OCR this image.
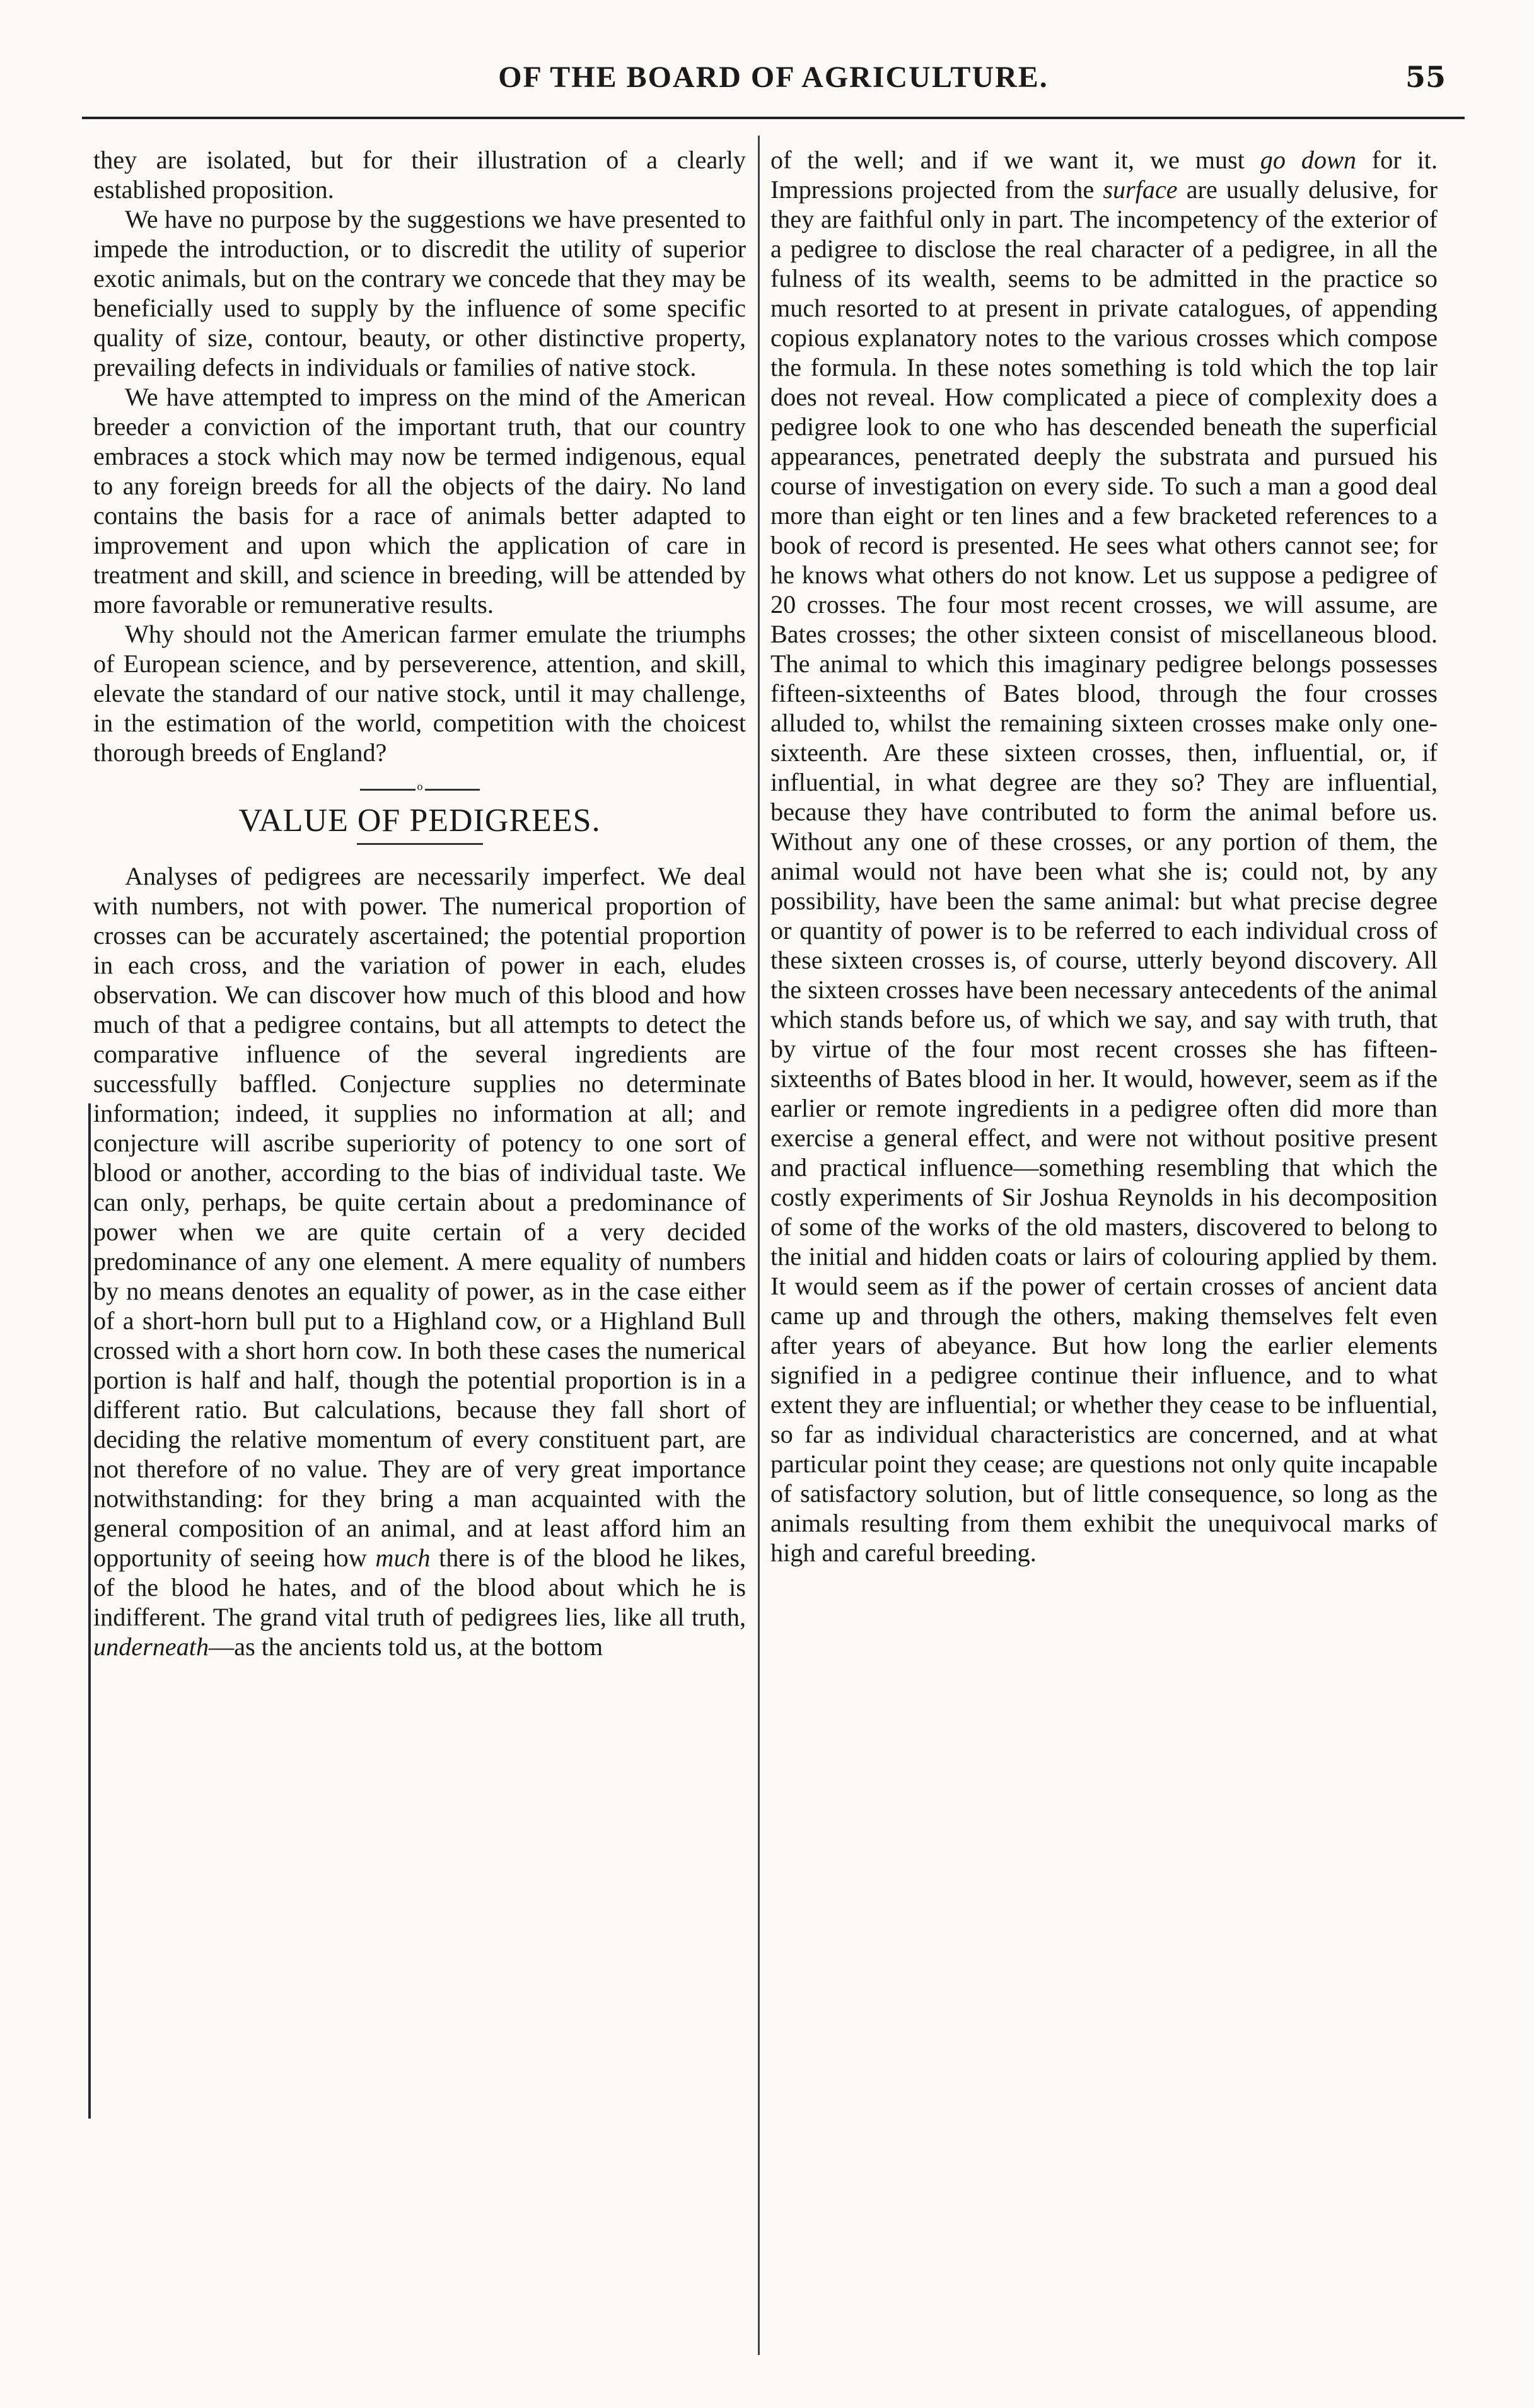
OF THE BOARD OF AGRICULTURE.	55

they are isolated, but for their illustration of a clearly established proposition.

We have no purpose by the suggestions we have presented to impede the introduction, or to discredit the utility of superior exotic animals, but on the contrary we concede that they may be beneficially used to supply by the influence of some specific quality of size, contour, beauty, or other distinctive property, prevailing defects in individuals or families of native stock.

We have attempted to impress on the mind of the American breeder a conviction of the important truth, that our country embraces a stock which may now be termed indigenous, equal to any foreign breeds for all the objects of the dairy. No land contains the basis for a race of animals better adapted to improvement and upon which the application of care in treatment and skill, and science in breeding, will be attended by more favorable or remunerative results.

Why should not the American farmer emulate the triumphs of European science, and by perseverence, attention, and skill, elevate the standard of our native stock, until it may challenge, in the estimation of the world, competition with the choicest thorough breeds of England?

o
VALUE OF PEDIGREES.

Analyses of pedigrees are necessarily imperfect. We deal with numbers, not with power. The numerical proportion of crosses can be accurately ascertained; the potential proportion in each cross, and the variation of power in each, eludes observation. We can discover how much of this blood and how much of that a pedigree contains, but all attempts to detect the comparative influence of the several ingredients are successfully baffled. Conjecture supplies no determinate information; indeed, it supplies no information at all; and conjecture will ascribe superiority of potency to one sort of blood or another, according to the bias of individual taste. We can only, perhaps, be quite certain about a predominance of power when we are quite certain of a very decided predominance of any one element. A mere equality of numbers by no means denotes an equality of power, as in the case either of a short-horn bull put to a Highland cow, or a Highland Bull crossed with a short horn cow. In both these cases the numerical portion is half and half, though the potential proportion is in a different ratio. But calculations, because they fall short of deciding the relative momentum of every constituent part, are not therefore of no value. They are of very great importance notwithstanding: for they bring a man acquainted with the general composition of an animal, and at least afford him an opportunity of seeing how much there is of the blood he likes, of the blood he hates, and of the blood about which he is indifferent. The grand vital truth of pedigrees lies, like all truth, underneath—as the ancients told us, at the bottom

of the well; and if we want it, we must go down for it. Impressions projected from the surface are usually delusive, for they are faithful only in part. The incompetency of the exterior of a pedigree to disclose the real character of a pedigree, in all the fulness of its wealth, seems to be admitted in the practice so much resorted to at present in private catalogues, of appending copious explanatory notes to the various crosses which compose the formula. In these notes something is told which the top lair does not reveal. How complicated a piece of complexity does a pedigree look to one who has descended beneath the superficial appearances, penetrated deeply the substrata and pursued his course of investigation on every side. To such a man a good deal more than eight or ten lines and a few bracketed references to a book of record is presented. He sees what others cannot see; for he knows what others do not know. Let us suppose a pedigree of 20 crosses. The four most recent crosses, we will assume, are Bates crosses; the other sixteen consist of miscellaneous blood. The animal to which this imaginary pedigree belongs possesses fifteen-sixteenths of Bates blood, through the four crosses alluded to, whilst the remaining sixteen crosses make only one-sixteenth. Are these sixteen crosses, then, influential, or, if influential, in what degree are they so? They are influential, because they have contributed to form the animal before us. Without any one of these crosses, or any portion of them, the animal would not have been what she is; could not, by any possibility, have been the same animal: but what precise degree or quantity of power is to be referred to each individual cross of these sixteen crosses is, of course, utterly beyond discovery. All the sixteen crosses have been necessary antecedents of the animal which stands before us, of which we say, and say with truth, that by virtue of the four most recent crosses she has fifteen-sixteenths of Bates blood in her. It would, however, seem as if the earlier or remote ingredients in a pedigree often did more than exercise a general effect, and were not without positive present and practical influence—something resembling that which the costly experiments of Sir Joshua Reynolds in his decomposition of some of the works of the old masters, discovered to belong to the initial and hidden coats or lairs of colouring applied by them. It would seem as if the power of certain crosses of ancient data came up and through the others, making themselves felt even after years of abeyance. But how long the earlier elements signified in a pedigree continue their influence, and to what extent they are influential; or whether they cease to be influential, so far as individual characteristics are concerned, and at what particular point they cease; are questions not only quite incapable of satisfactory solution, but of little consequence, so long as the animals resulting from them exhibit the unequivocal marks of high and careful breeding.
